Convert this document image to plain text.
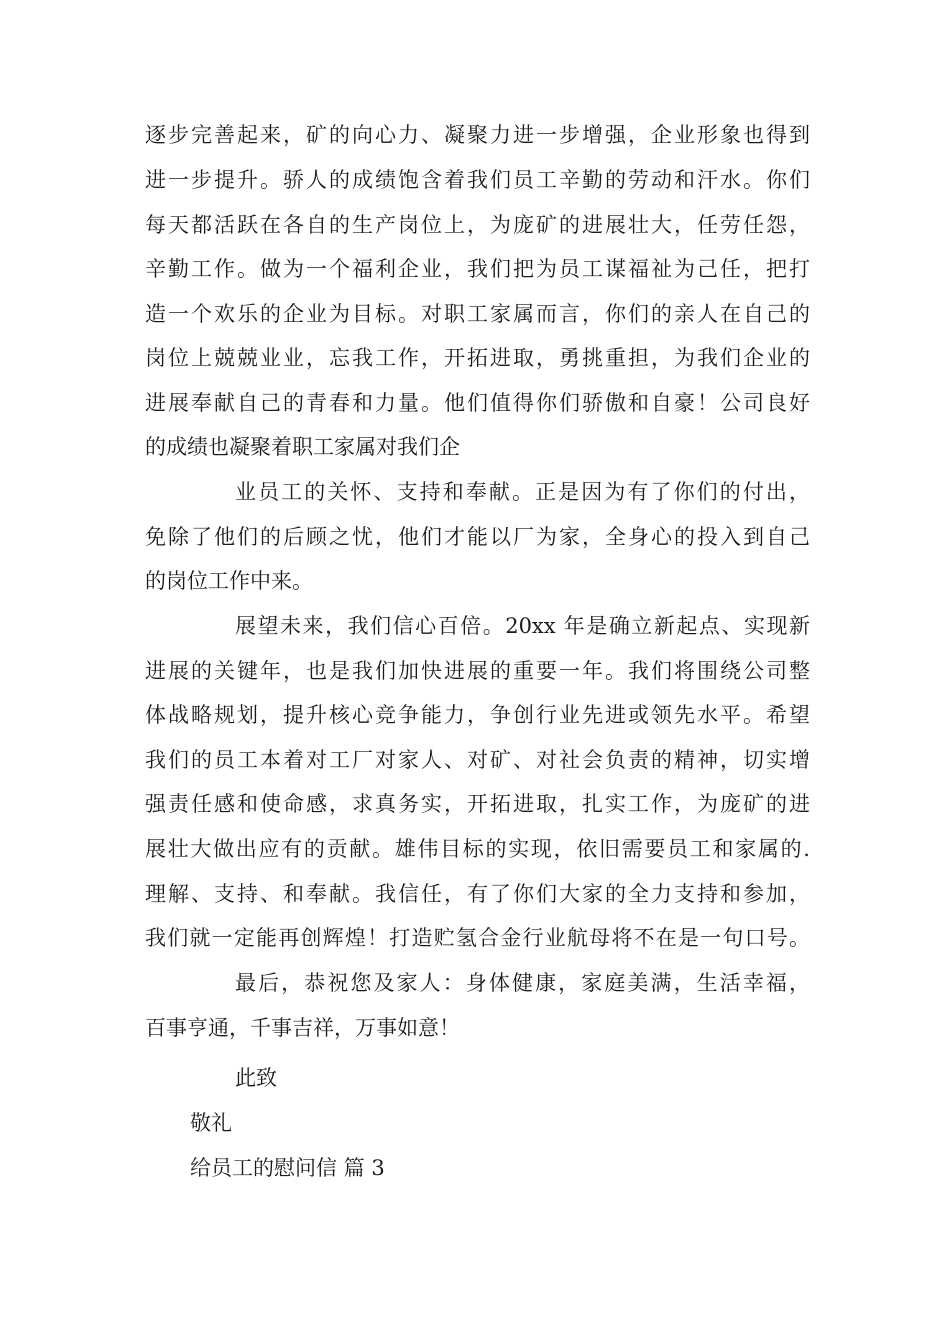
逐步完善起来，矿的向心力、凝聚力进一步增强，企业形象也得到
进一步提升。骄人的成绩饱含着我们员工辛勤的劳动和汗水。你们
每天都活跃在各自的生产岗位上，为庞矿的进展壮大，任劳任怨，
辛勤工作。做为一个福利企业，我们把为员工谋福祉为己任，把打
造一个欢乐的企业为目标。对职工家属而言，你们的亲人在自己的
岗位上兢兢业业，忘我工作，开拓进取，勇挑重担，为我们企业的
进展奉献自己的青春和力量。他们值得你们骄傲和自豪！公司良好
的成绩也凝聚着职工家属对我们企
业员工的关怀、支持和奉献。正是因为有了你们的付出，
免除了他们的后顾之忧，他们才能以厂为家，全身心的投入到自己
的岗位工作中来。
展望未来，我们信心百倍。20xx 年是确立新起点、实现新
进展的关键年，也是我们加快进展的重要一年。我们将围绕公司整
体战略规划，提升核心竞争能力，争创行业先进或领先水平。希望
我们的员工本着对工厂对家人、对矿、对社会负责的精神，切实增
强责任感和使命感，求真务实，开拓进取，扎实工作，为庞矿的进
展壮大做出应有的贡献。雄伟目标的实现，依旧需要员工和家属的.
理解、支持、和奉献。我信任，有了你们大家的全力支持和参加，
我们就一定能再创辉煌！打造贮氢合金行业航母将不在是一句口号。
最后，恭祝您及家人：身体健康，家庭美满，生活幸福，
百事亨通，千事吉祥，万事如意！
此致
敬礼
给员工的慰问信 篇 3
